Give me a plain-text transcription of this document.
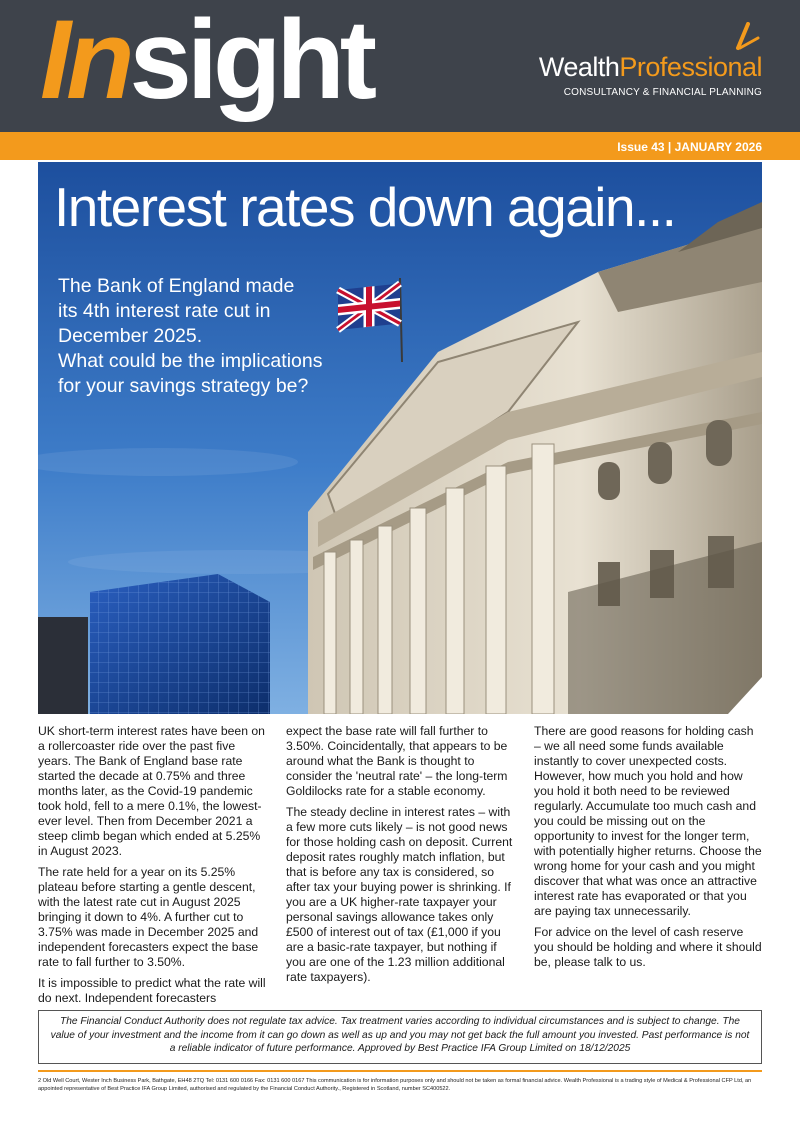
Insight	WealthProfessional
CONSULTANCY & FINANCIAL PLANNING
Issue 43 | JANUARY 2026
Interest rates down again...
The Bank of England made
its 4th interest rate cut in
December 2025.
What could be the implications
for your savings strategy be?

UK short-term interest rates have been on a rollercoaster ride over the past five years. The Bank of England base rate started the decade at 0.75% and three months later, as the Covid-19 pandemic took hold, fell to a mere 0.1%, the lowest-ever level. Then from December 2021 a steep climb began which ended at 5.25% in August 2023.

The rate held for a year on its 5.25% plateau before starting a gentle descent, with the latest rate cut in August 2025 bringing it down to 4%. A further cut to 3.75% was made in December 2025 and independent forecasters expect the base rate to fall further to 3.50%.

It is impossible to predict what the rate will do next. Independent forecasters

expect the base rate will fall further to 3.50%. Coincidentally, that appears to be around what the Bank is thought to consider the 'neutral rate' – the long-term Goldilocks rate for a stable economy.

The steady decline in interest rates – with a few more cuts likely – is not good news for those holding cash on deposit. Current deposit rates roughly match inflation, but that is before any tax is considered, so after tax your buying power is shrinking. If you are a UK higher-rate taxpayer your personal savings allowance takes only £500 of interest out of tax (£1,000 if you are a basic-rate taxpayer, but nothing if you are one of the 1.23 million additional rate taxpayers).

There are good reasons for holding cash – we all need some funds available instantly to cover unexpected costs. However, how much you hold and how you hold it both need to be reviewed regularly. Accumulate too much cash and you could be missing out on the opportunity to invest for the longer term, with potentially higher returns. Choose the wrong home for your cash and you might discover that what was once an attractive interest rate has evaporated or that you are paying tax unnecessarily.

For advice on the level of cash reserve you should be holding and where it should be, please talk to us.

The Financial Conduct Authority does not regulate tax advice. Tax treatment varies according to individual circumstances and is subject to change. The value of your investment and the income from it can go down as well as up and you may not get back the full amount you invested. Past performance is not a reliable indicator of future performance. Approved by Best Practice IFA Group Limited on 18/12/2025
2 Old Well Court, Wester Inch Business Park, Bathgate, EH48 2TQ Tel: 0131 600 0166 Fax: 0131 600 0167 This communication is for information purposes only and should not be taken as formal financial advice. Wealth Professional is a trading style of Medical & Professional CFP Ltd, an appointed representative of Best Practice IFA Group Limited, authorised and regulated by the Financial Conduct Authority., Registered in Scotland, number SC400522.
